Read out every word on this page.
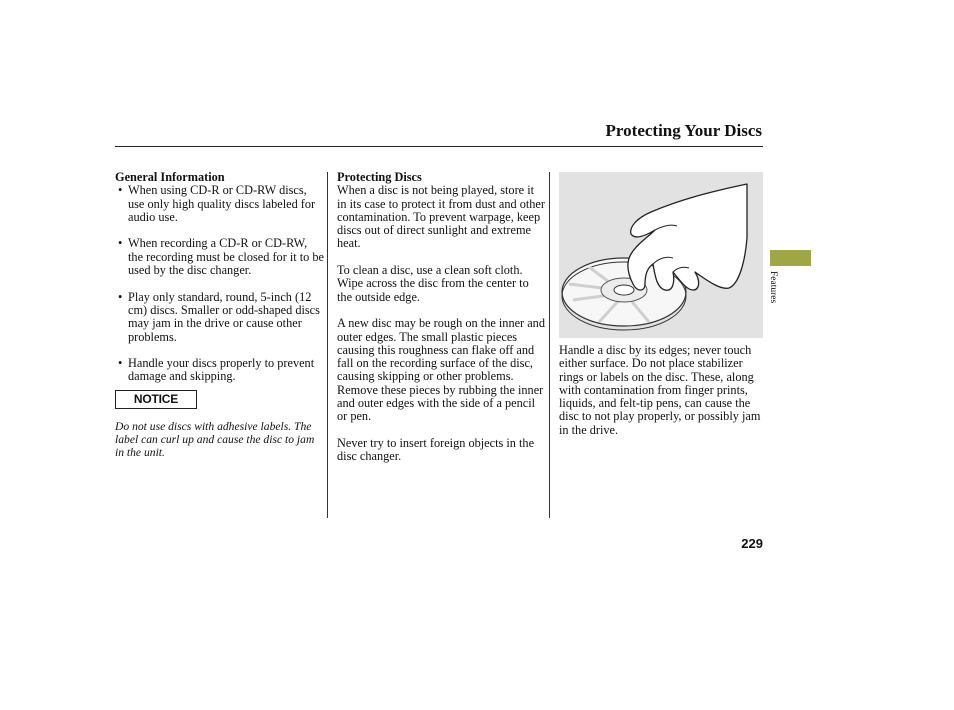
Protecting Your Discs
General Information
• When using CD-R or CD-RW discs, use only high quality discs labeled for audio use.
• When recording a CD-R or CD-RW, the recording must be closed for it to be used by the disc changer.
• Play only standard, round, 5-inch (12 cm) discs. Smaller or odd-shaped discs may jam in the drive or cause other problems.
• Handle your discs properly to prevent damage and skipping.
NOTICE
Do not use discs with adhesive labels. The label can curl up and cause the disc to jam in the unit.
Protecting Discs
When a disc is not being played, store it in its case to protect it from dust and other contamination. To prevent warpage, keep discs out of direct sunlight and extreme heat.
To clean a disc, use a clean soft cloth. Wipe across the disc from the center to the outside edge.
A new disc may be rough on the inner and outer edges. The small plastic pieces causing this roughness can flake off and fall on the recording surface of the disc, causing skipping or other problems. Remove these pieces by rubbing the inner and outer edges with the side of a pencil or pen.
Never try to insert foreign objects in the disc changer.
Handle a disc by its edges; never touch either surface. Do not place stabilizer rings or labels on the disc. These, along with contamination from finger prints, liquids, and felt-tip pens, can cause the disc to not play properly, or possibly jam in the drive.
Features
229
